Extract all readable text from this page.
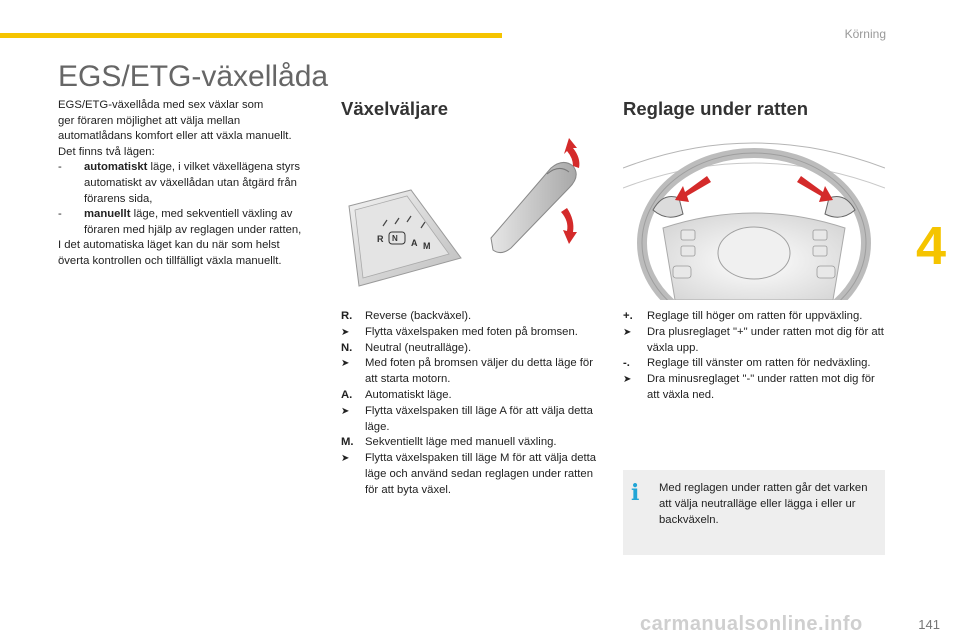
Körning
4
EGS/ETG-växellåda

EGS/ETG-växellåda med sex växlar som

ger föraren möjlighet att välja mellan

automatlådans komfort eller att växla manuellt.

Det finns två lägen:

- automatiskt läge, i vilket växellägena styrs automatiskt av växellådan utan åtgärd från förarens sida,

- manuellt läge, med sekventiell växling av föraren med hjälp av reglagen under ratten,

I det automatiska läget kan du när som helst

överta kontrollen och tillfälligt växla manuellt.

Växelväljare
R N A M
R.	Reverse (backväxel).
➤	Flytta växelspaken med foten på bromsen.
N.	Neutral (neutralläge).
➤	Med foten på bromsen väljer du detta läge för att starta motorn.
A.	Automatiskt läge.
➤	Flytta växelspaken till läge A för att välja detta läge.
M.	Sekventiellt läge med manuell växling.
➤	Flytta växelspaken till läge M för att välja detta läge och använd sedan reglagen under ratten för att byta växel.
Reglage under ratten
+.	Reglage till höger om ratten för uppväxling.
➤	Dra plusreglaget "+" under ratten mot dig för att växla upp.
-.	Reglage till vänster om ratten för nedväxling.
➤	Dra minusreglaget "-" under ratten mot dig för att växla ned.
i	Med reglagen under ratten går det varken att välja neutralläge eller lägga i eller ur backväxeln.
carmanualsonline.info	141
